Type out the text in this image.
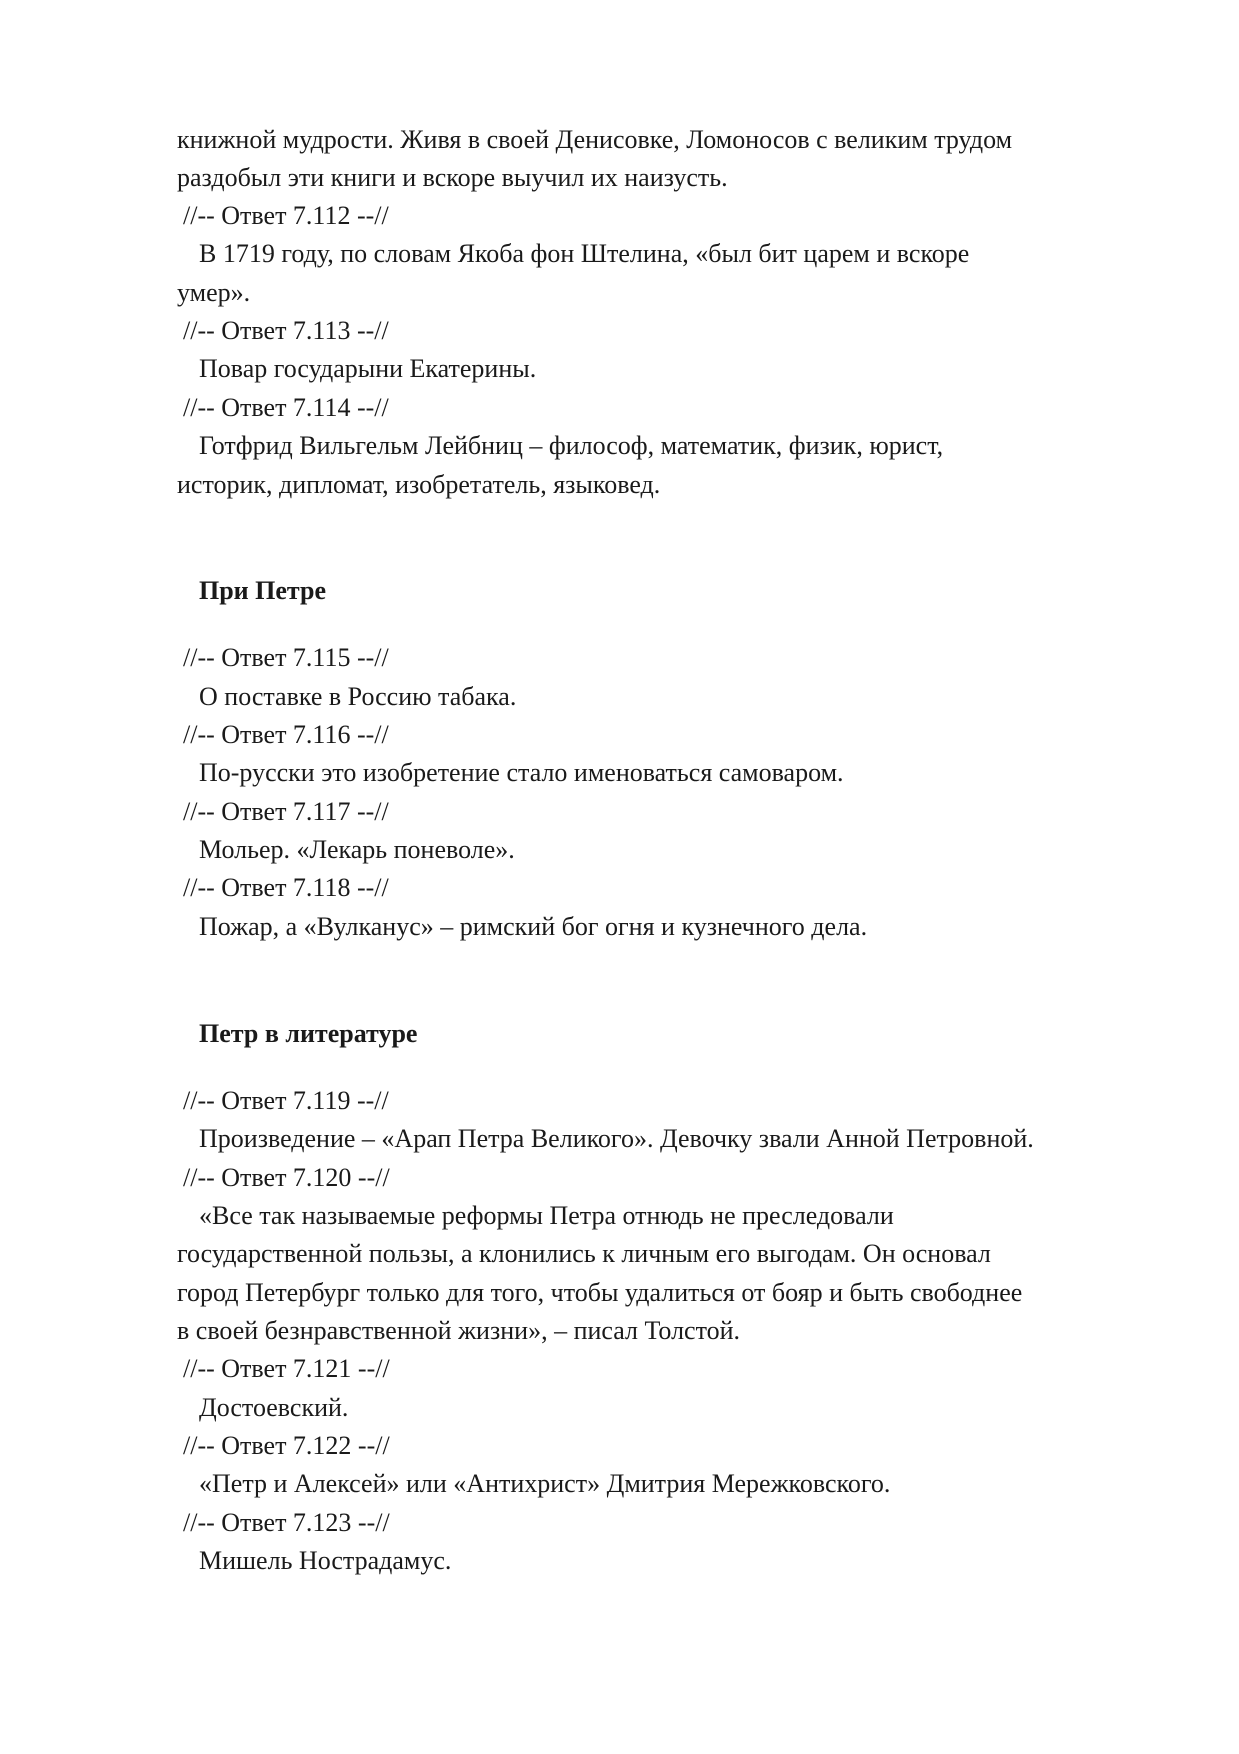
книжной мудрости. Живя в своей Денисовке, Ломоносов с великим трудом
раздобыл эти книги и вскоре выучил их наизусть.
//-- Ответ 7.112 --//
В 1719 году, по словам Якоба фон Штелина, «был бит царем и вскоре
умер».
//-- Ответ 7.113 --//
Повар государыни Екатерины.
//-- Ответ 7.114 --//
Готфрид Вильгельм Лейбниц – философ, математик, физик, юрист,
историк, дипломат, изобретатель, языковед.
При Петре
//-- Ответ 7.115 --//
О поставке в Россию табака.
//-- Ответ 7.116 --//
По-русски это изобретение стало именоваться самоваром.
//-- Ответ 7.117 --//
Мольер. «Лекарь поневоле».
//-- Ответ 7.118 --//
Пожар, а «Вулканус» – римский бог огня и кузнечного дела.
Петр в литературе
//-- Ответ 7.119 --//
Произведение – «Арап Петра Великого». Девочку звали Анной Петровной.
//-- Ответ 7.120 --//
«Все так называемые реформы Петра отнюдь не преследовали
государственной пользы, а клонились к личным его выгодам. Он основал
город Петербург только для того, чтобы удалиться от бояр и быть свободнее
в своей безнравственной жизни», – писал Толстой.
//-- Ответ 7.121 --//
Достоевский.
//-- Ответ 7.122 --//
«Петр и Алексей» или «Антихрист» Дмитрия Мережковского.
//-- Ответ 7.123 --//
Мишель Нострадамус.
